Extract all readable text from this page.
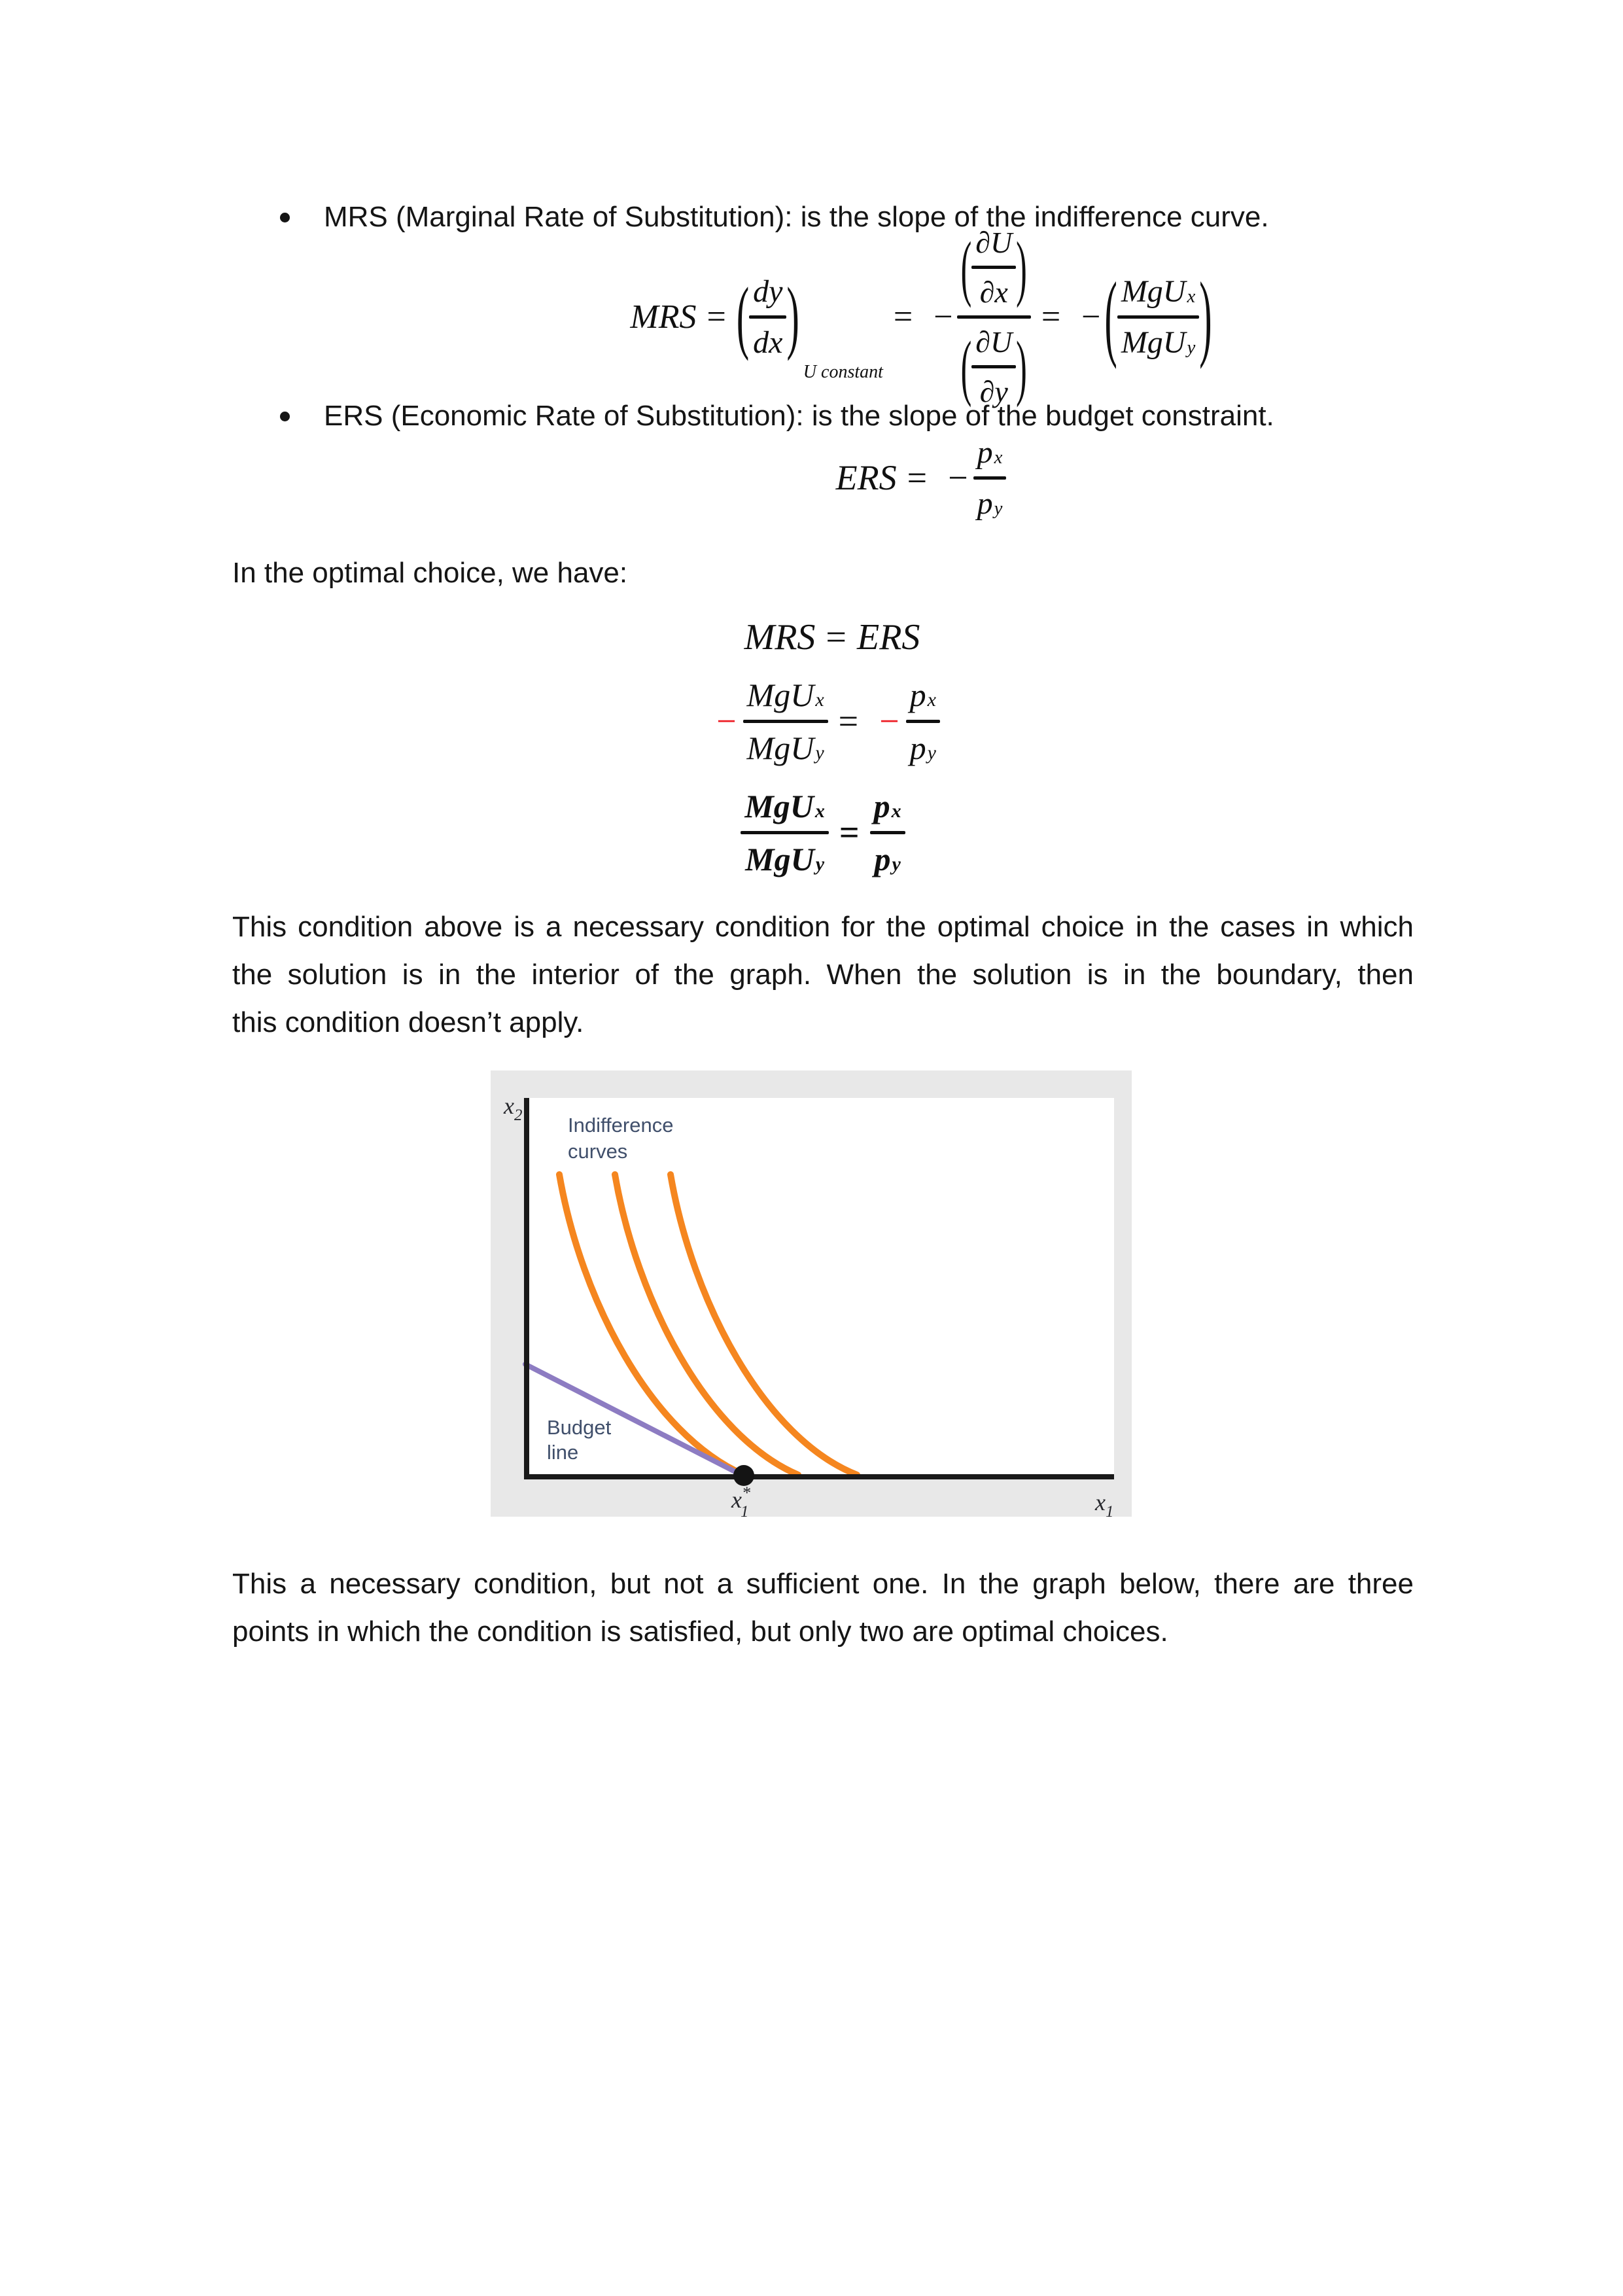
MRS (Marginal Rate of Substitution): is the slope of the indifference curve.
MRS = ( dy
dx )
U constant
= −
( ∂U
∂x )
( ∂U
∂y )
= − ( MgU x
MgU y )
ERS (Economic Rate of Substitution): is the slope of the budget constraint.
ERS = −
p x
p y
In the optimal choice, we have:
MRS = ERS
−
MgU x
MgU y
= −
p x
p y
MgU x
MgU y
=
p x
p y
This condition above is a necessary condition for the optimal choice in the cases in which
the solution is in the interior of the graph. When the solution is in the boundary, then
this condition doesn’t apply.
Indifference
curves
Budget
line
$x_2$
$x_1$
x* 1
This a necessary condition, but not a sufficient one. In the graph below, there are three
points in which the condition is satisfied, but only two are optimal choices.
